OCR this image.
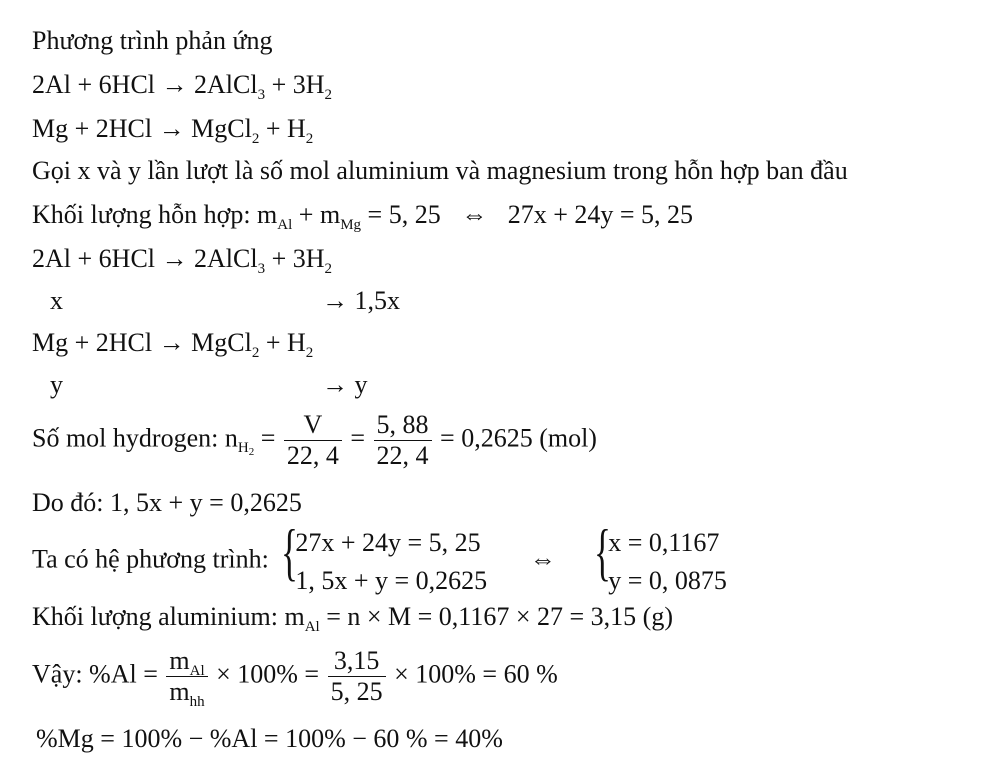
Phương trình phản ứng
2Al + 6HCl → 2AlCl$_3$ + $3H_2$
Mg + 2HCl → MgCl$_2$ + $H_2$
Gọi x và y lần lượt là số mol aluminium và magnesium trong hỗn hợp ban đầu
Khối lượng hỗn hợp: $m_{Al} + m_{Mg} = 5$, 25 ⇔ 27x + 24y = 5, 25
2Al + 6HCl → 2AlCl$_3$ + $3H_2$
x	→ 1,5x
Mg + 2HCl → MgCl$_2$ + $H_2$
y	→ y
Số mol hydrogen: $n_{H_2} = \frac{V}{22, 4} = \frac{5, 88}{22, 4} = 0,2625$ (mol)
Do đó: 1, 5x + y = 0,2625
Ta có hệ phương trình: {
27x + 24y = 5, 25
1, 5x + y = 0,2625
⇔ {
x = 0,1167
y = 0, 0875
Khối lượng aluminium: $m_{Al} = n \times M = 0,1167 \times 27 = 3,15$ (g)
Vậy: $\%Al = \frac{m_{Al}}{m_{hh}} \times 100\% = \frac{3,15}{5, 25} \times 100\% = 60$ %
%Mg = 100% − %Al = 100% − 60 % = 40%
